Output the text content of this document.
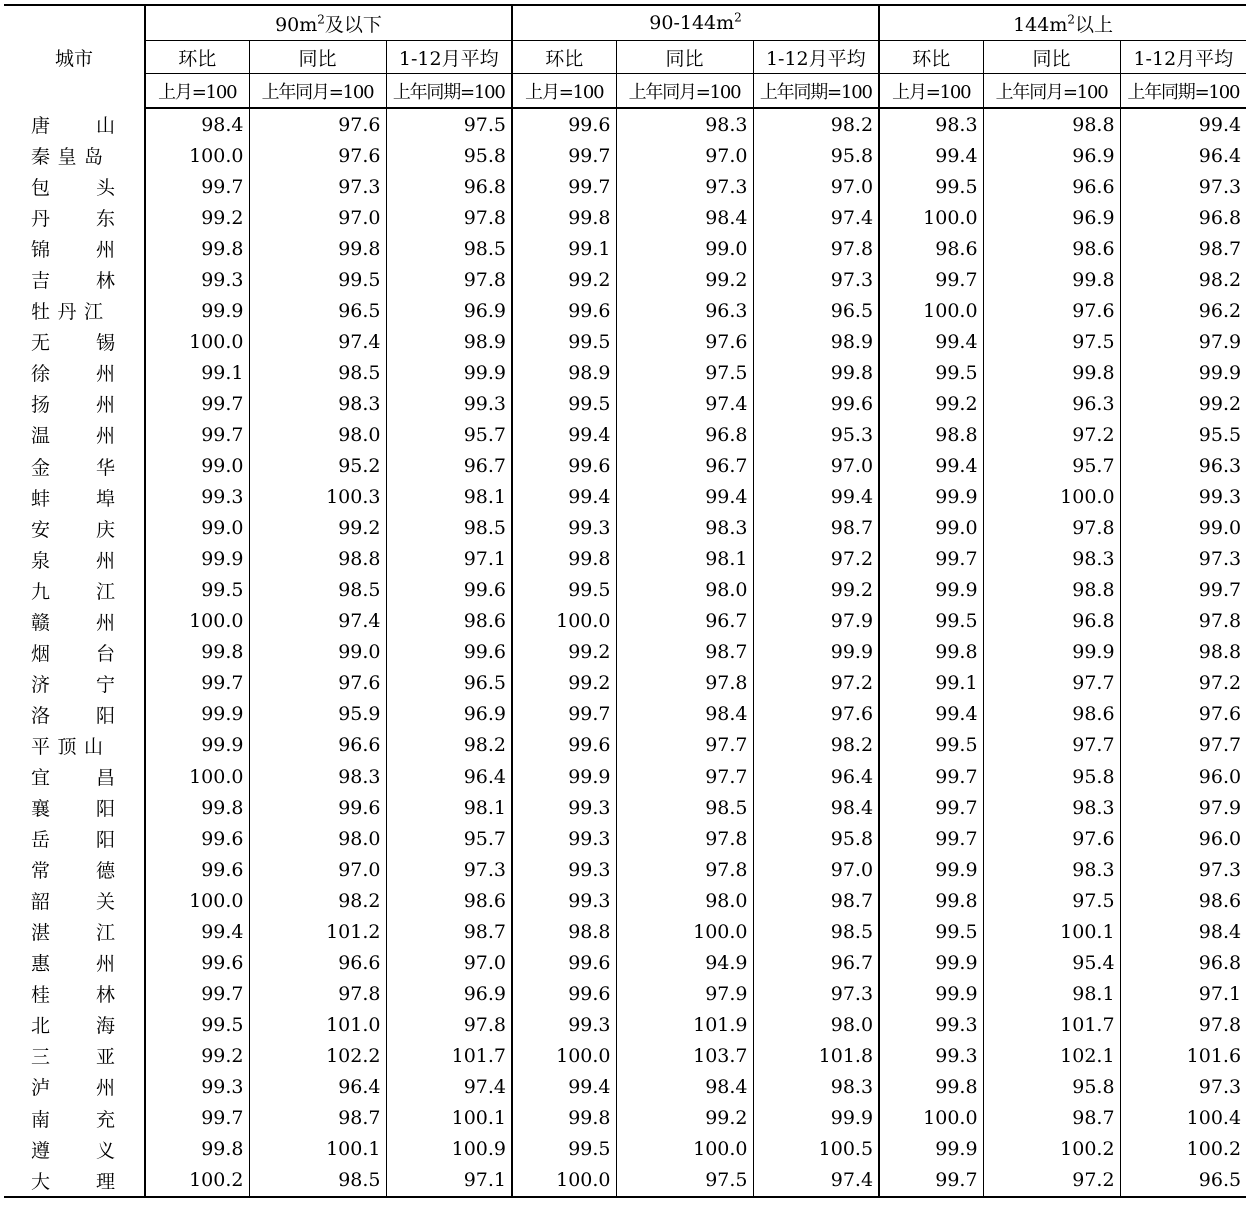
城市	$90m^2$及以下			$90-144m^2$			$144m^2$以上		
	环比	同比	1-12月平均	环比	同比	1-12月平均	环比	同比	1-12月平均
	上月=100	上年同月=100	上年同期=100	上月=100	上年同月=100	上年同期=100	上月=100	上年同月=100	上年同期=100
唐山	98.4	97.6	97.5	99.6	98.3	98.2	98.3	98.8	99.4
秦皇岛	100.0	97.6	95.8	99.7	97.0	95.8	99.4	96.9	96.4
包头	99.7	97.3	96.8	99.7	97.3	97.0	99.5	96.6	97.3
丹东	99.2	97.0	97.8	99.8	98.4	97.4	100.0	96.9	96.8
锦州	99.8	99.8	98.5	99.1	99.0	97.8	98.6	98.6	98.7
吉林	99.3	99.5	97.8	99.2	99.2	97.3	99.7	99.8	98.2
牡丹江	99.9	96.5	96.9	99.6	96.3	96.5	100.0	97.6	96.2
无锡	100.0	97.4	98.9	99.5	97.6	98.9	99.4	97.5	97.9
徐州	99.1	98.5	99.9	98.9	97.5	99.8	99.5	99.8	99.9
扬州	99.7	98.3	99.3	99.5	97.4	99.6	99.2	96.3	99.2
温州	99.7	98.0	95.7	99.4	96.8	95.3	98.8	97.2	95.5
金华	99.0	95.2	96.7	99.6	96.7	97.0	99.4	95.7	96.3
蚌埠	99.3	100.3	98.1	99.4	99.4	99.4	99.9	100.0	99.3
安庆	99.0	99.2	98.5	99.3	98.3	98.7	99.0	97.8	99.0
泉州	99.9	98.8	97.1	99.8	98.1	97.2	99.7	98.3	97.3
九江	99.5	98.5	99.6	99.5	98.0	99.2	99.9	98.8	99.7
赣州	100.0	97.4	98.6	100.0	96.7	97.9	99.5	96.8	97.8
烟台	99.8	99.0	99.6	99.2	98.7	99.9	99.8	99.9	98.8
济宁	99.7	97.6	96.5	99.2	97.8	97.2	99.1	97.7	97.2
洛阳	99.9	95.9	96.9	99.7	98.4	97.6	99.4	98.6	97.6
平顶山	99.9	96.6	98.2	99.6	97.7	98.2	99.5	97.7	97.7
宜昌	100.0	98.3	96.4	99.9	97.7	96.4	99.7	95.8	96.0
襄阳	99.8	99.6	98.1	99.3	98.5	98.4	99.7	98.3	97.9
岳阳	99.6	98.0	95.7	99.3	97.8	95.8	99.7	97.6	96.0
常德	99.6	97.0	97.3	99.3	97.8	97.0	99.9	98.3	97.3
韶关	100.0	98.2	98.6	99.3	98.0	98.7	99.8	97.5	98.6
湛江	99.4	101.2	98.7	98.8	100.0	98.5	99.5	100.1	98.4
惠州	99.6	96.6	97.0	99.6	94.9	96.7	99.9	95.4	96.8
桂林	99.7	97.8	96.9	99.6	97.9	97.3	99.9	98.1	97.1
北海	99.5	101.0	97.8	99.3	101.9	98.0	99.3	101.7	97.8
三亚	99.2	102.2	101.7	100.0	103.7	101.8	99.3	102.1	101.6
泸州	99.3	96.4	97.4	99.4	98.4	98.3	99.8	95.8	97.3
南充	99.7	98.7	100.1	99.8	99.2	99.9	100.0	98.7	100.4
遵义	99.8	100.1	100.9	99.5	100.0	100.5	99.9	100.2	100.2
大理	100.2	98.5	97.1	100.0	97.5	97.4	99.7	97.2	96.5
